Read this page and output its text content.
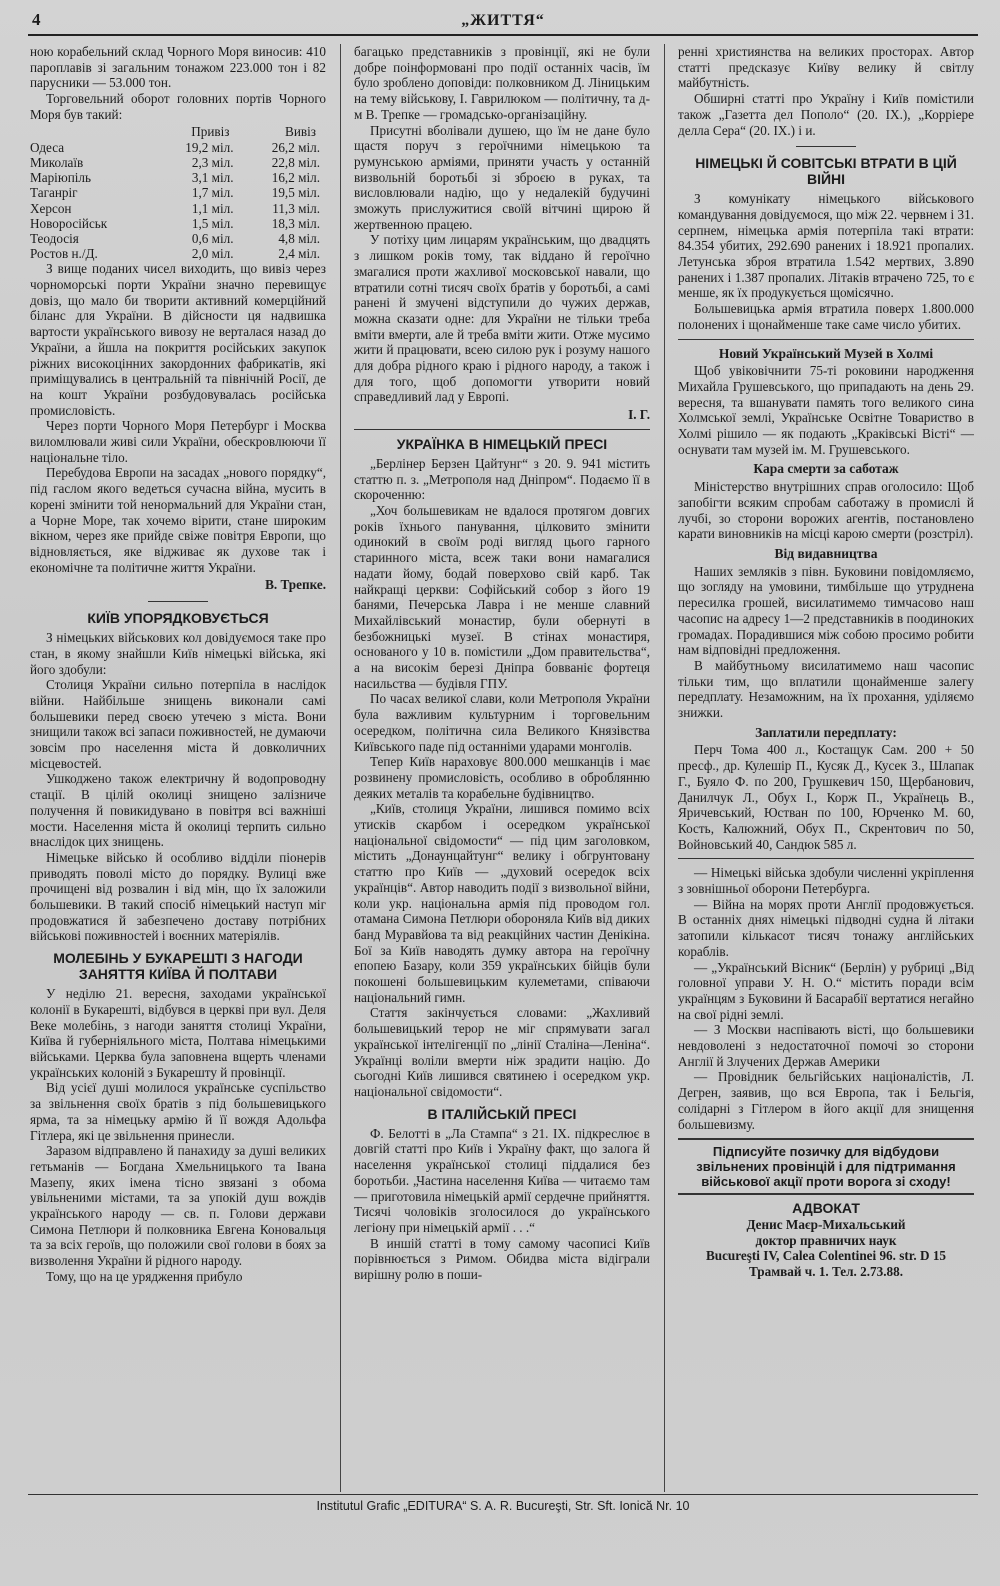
4	„ЖИТТЯ“

ною корабельний склад Чорного Моря виносив: 410 пароплавів зі загальним тонажом 223.000 тон і 82 парусники — 53.000 тон.

Торговельний оборот головних портів Чорного Моря був такий:

	Привіз	Вивіз
Одеса	19,2 міл.	26,2 міл.
Миколаїв	2,3 міл.	22,8 міл.
Маріюпіль	3,1 міл.	16,2 міл.
Таганріг	1,7 міл.	19,5 міл.
Херсон	1,1 міл.	11,3 міл.
Новоросійськ	1,5 міл.	18,3 міл.
Теодосія	0,6 міл.	4,8 міл.
Ростов н./Д.	2,0 міл.	2,4 міл.

З вище поданих чисел виходить, що вивіз через чорноморські порти України значно перевищує довіз, що мало би творити активний комерційний біланс для України. В дійсности ця надвишка вартости українського вивозу не верталася назад до України, а йшла на покриття російських закупок ріжних високоцінних закордонних фабрикатів, які приміщувались в центральній та північній Росії, де на кошт України розбудовувалась російська промисловість.

Через порти Чорного Моря Петербург і Москва виломлювали живі сили України, обескровлюючи її національне тіло.

Перебудова Европи на засадах „нового порядку“, під гаслом якого ведеться сучасна війна, мусить в корені змінити той ненормальний для України стан, а Чорне Море, так хочемо вірити, стане широким вікном, через яке прийде свіже повітря Европи, що відновляється, яке відживає як духове так і економічне та політичне життя України.

В. Трепке.

КИЇВ УПОРЯДКОВУЄТЬСЯ

З німецьких військових кол довідуємося таке про стан, в якому знайшли Київ німецькі війська, які його здобули:

Столиця України сильно потерпіла в наслідок війни. Найбільше знищень виконали самі большевики перед своєю утечею з міста. Вони знищили також всі запаси поживностей, не думаючи зовсім про населення міста й довколичних місцевостей.

Ушкоджено також електричну й водопроводну стації. В цілій околиці знищено залізниче получення й повикидувано в повітря всі важніші мости. Населення міста й околиці терпить сильно внаслідок цих знищень.

Німецьке військо й особливо відділи піонерів приводять поволі місто до порядку. Вулиці вже прочищені від розвалин і від мін, що їх заложили большевики. В такий спосіб німецький наступ міг продовжатися й забезпечено доставу потрібних військові поживностей і воєнних матеріялів.

МОЛЕБІНЬ У БУКАРЕШТІ З НАГОДИ ЗАНЯТТЯ КИЇВА Й ПОЛТАВИ

У неділю 21. вересня, заходами української колонії в Букарешті, відбувся в церкві при вул. Деля Веке молебінь, з нагоди заняття столиці України, Київа й губерніяльного міста, Полтава німецькими військами. Церква була заповнена вщерть членами українських колоній з Букарешту й провінції.

Від усієї душі молилося українське суспільство за звільнення своїх братів з під большевицького ярма, та за німецьку армію й її вождя Адольфа Гітлера, які це звільнення принесли.

Заразом відправлено й панахиду за душі великих гетьманів — Богдана Хмельницького та Івана Мазепу, яких імена тісно звязані з обома увільненими містами, та за упокій душ вождів українського народу — св. п. Голови держави Симона Петлюри й полковника Евгена Коновальця та за всіх героїв, що положили свої голови в боях за визволення України й рідного народу.

Тому, що на це урядження прибуло

багацько представників з провінції, які не були добре поінформовані про події останніх часів, їм було зроблено доповіди: полковником Д. Ліницьким на тему військову, І. Гаврилюком — політичну, та д-м В. Трепке — громадсько-організаційну.

Присутні вболівали душею, що їм не дане було щастя поруч з героїчними німецькою та румунською арміями, приняти участь у останній визвольній боротьбі зі зброєю в руках, та висловлювали надію, що у недалекій будучині зможуть прислужитися своїй вітчині щирою й жертвенною працею.

У потіху цим лицарям українським, що двадцять з лишком років тому, так віддано й героїчно змагалися проти жахливої московської навали, що втратили сотні тисяч своїх братів у боротьбі, а самі ранені й змучені відступили до чужих держав, можна сказати одне: для України не тільки треба вміти вмерти, але й треба вміти жити. Отже мусимо жити й працювати, всею силою рук і розуму нашого для добра рідного краю і рідного народу, а також і для того, щоб допомогти утворити новий справедливий лад у Европі.

І. Г.

УКРАЇНКА В НІМЕЦЬКІЙ ПРЕСІ

„Берлінер Берзен Цайтунг“ з 20. 9. 941 містить статтю п. з. „Метрополя над Дніпром“. Подаємо її в скороченню:

„Хоч большевикам не вдалося протягом довгих років їхнього панування, цілковито змінити одинокий в своїм роді вигляд цього гарного старинного міста, всеж таки вони намагалися надати йому, бодай поверхово свій карб. Так найкращі церкви: Софійський собор з його 19 банями, Печерська Лавра і не менше славний Михайлівський монастир, були обернуті в безбожницькі музеї. В стінах монастиря, основаного у 10 в. помістили „Дом правительства“, а на високім березі Дніпра бовваніє фортеця насильства — будівля ГПУ.

По часах великої слави, коли Метрополя України була важливим культурним і торговельним осередком, політична сила Великого Князівства Київського паде під останніми ударами монголів.

Тепер Київ нараховує 800.000 мешканців і має розвинену промисловість, особливо в оброблянню деяких металів та корабельне будівництво.

„Київ, столиця України, лишився помимо всіх утисків скарбом і осередком української національної свідомости“ — під цим заголовком, містить „Донаунцайтунг“ велику і обгрунтовану статтю про Київ — „духовий осередок всіх українців“. Автор наводить події з визвольної війни, коли укр. національна армія під проводом гол. отамана Симона Петлюри обороняла Київ від диких банд Муравйова та від реакційних частин Денікіна. Бої за Київ наводять думку автора на героїчну епопею Базару, коли 359 українських бійців були покошені большевицьким кулеметами, співаючи національний гимн.

Стаття закінчується словами: „Жахливий большевицький терор не міг спрямувати загал української інтелігенції по „лінії Сталіна—Леніна“. Українці воліли вмерти ніж зрадити націю. До сьогодні Київ лишився святинею і осередком укр. національної свідомости“.

В ІТАЛІЙСЬКІЙ ПРЕСІ

Ф. Белотті в „Ла Стампа“ з 21. IX. підкреслює в довгій статті про Київ і Україну факт, що залога й населення української столиці піддалися без боротьби. „Частина населення Київа — читаємо там — приготовила німецькій армії сердечне прийняття. Тисячі чоловіків зголосилося до українського легіону при німецькій армії . . .“

В иншій статті в тому самому часописі Київ порівнюється з Римом. Обидва міста відіграли вирішну ролю в поши-

ренні християнства на великих просторах. Автор статті предсказує Київу велику й світлу майбутність.

Обширні статті про Україну і Київ помістили також „Газетта дел Пополо“ (20. IX.), „Корріере делла Сера“ (20. IX.) і и.

НІМЕЦЬКІ Й СОВІТСЬКІ ВТРАТИ В ЦІЙ ВІЙНІ

З комунікату німецького військового командування довідуємося, що між 22. червнем і 31. серпнем, німецька армія потерпіла такі втрати: 84.354 убитих, 292.690 ранених і 18.921 пропалих. Летунська зброя втратила 1.542 мертвих, 3.890 ранених і 1.387 пропалих. Літаків втрачено 725, то є менше, як їх продукується щомісячно.

Большевицька армія втратила поверх 1.800.000 полонених і щонайменше таке саме число убитих.

Новий Український Музей в Холмі

Щоб увіковічнити 75-ті роковини народження Михайла Грушевського, що припадають на день 29. вересня, та вшанувати память того великого сина Холмської землі, Українське Освітне Товариство в Холмі рішило — як подають „Краківські Вісті“ — оснувати там музей ім. М. Грушевського.

Кара смерти за саботаж

Міністерство внутрішних справ оголосило: Щоб запобігти всяким спробам саботажу в промислі й лучбі, зо сторони ворожих агентів, постановлено карати виновників на місці карою смерти (розстріл).

Від видавництва

Наших земляків з півн. Буковини повідомляємо, що зогляду на умовини, тимбільше що утруднена пересилка грошей, висилатимемо тимчасово наш часопис на адресу 1—2 представників в поодиноких громадах. Порадившися між собою просимо робити нам відповідні предложення.

В майбутньому висилатимемо наш часопис тільки тим, що вплатили щонайменше залегу передплату. Незаможним, на їх прохання, уділяємо знижки.

Заплатили передплату:

Перч Тома 400 л., Костащук Сам. 200 + 50 пресф., др. Кулешір П., Кусяк Д., Кусек З., Шлапак Г., Буяло Ф. по 200, Грушкевич 150, Щербанович, Данилчук Л., Обух І., Корж П., Українець В., Яричевський, Юстван по 100, Юрченко М. 60, Кость, Калюжний, Обух П., Скрентович по 50, Войновський 40, Сандюк 585 л.

— Німецькі війська здобули численні укріплення з зовнішньої оборони Петербурга.

— Війна на морях проти Англії продовжується. В останніх днях німецькі підводні судна й літаки затопили кількасот тисяч тонажу англійських кораблів.

— „Український Вісник“ (Берлін) у рубриці „Від головної управи У. Н. О.“ містить поради всім українцям з Буковини й Басарабії вертатися негайно на свої рідні землі.

— З Москви наспівають вісті, що большевики невдоволені з недостаточної помочі зо сторони Англії й Злучених Держав Америки

— Провідник бельгійських націоналістів, Л. Дегрен, заявив, що вся Европа, так і Бельгія, солідарні з Гітлером в його акції для знищення большевизму.

Підписуйте позичку для відбудови звільнених провінцій і для підтримання військової акції проти ворога зі сходу!
АДВОКАТ
Денис Маєр-Михальський
доктор правничих наук
Bucureşti IV, Calea Colentinei 96. str. D 15
Трамвай ч. 1. Тел. 2.73.88.
Institutul Grafic „EDITURA“ S. A. R. Bucureşti, Str. Sft. Ionică Nr. 10
